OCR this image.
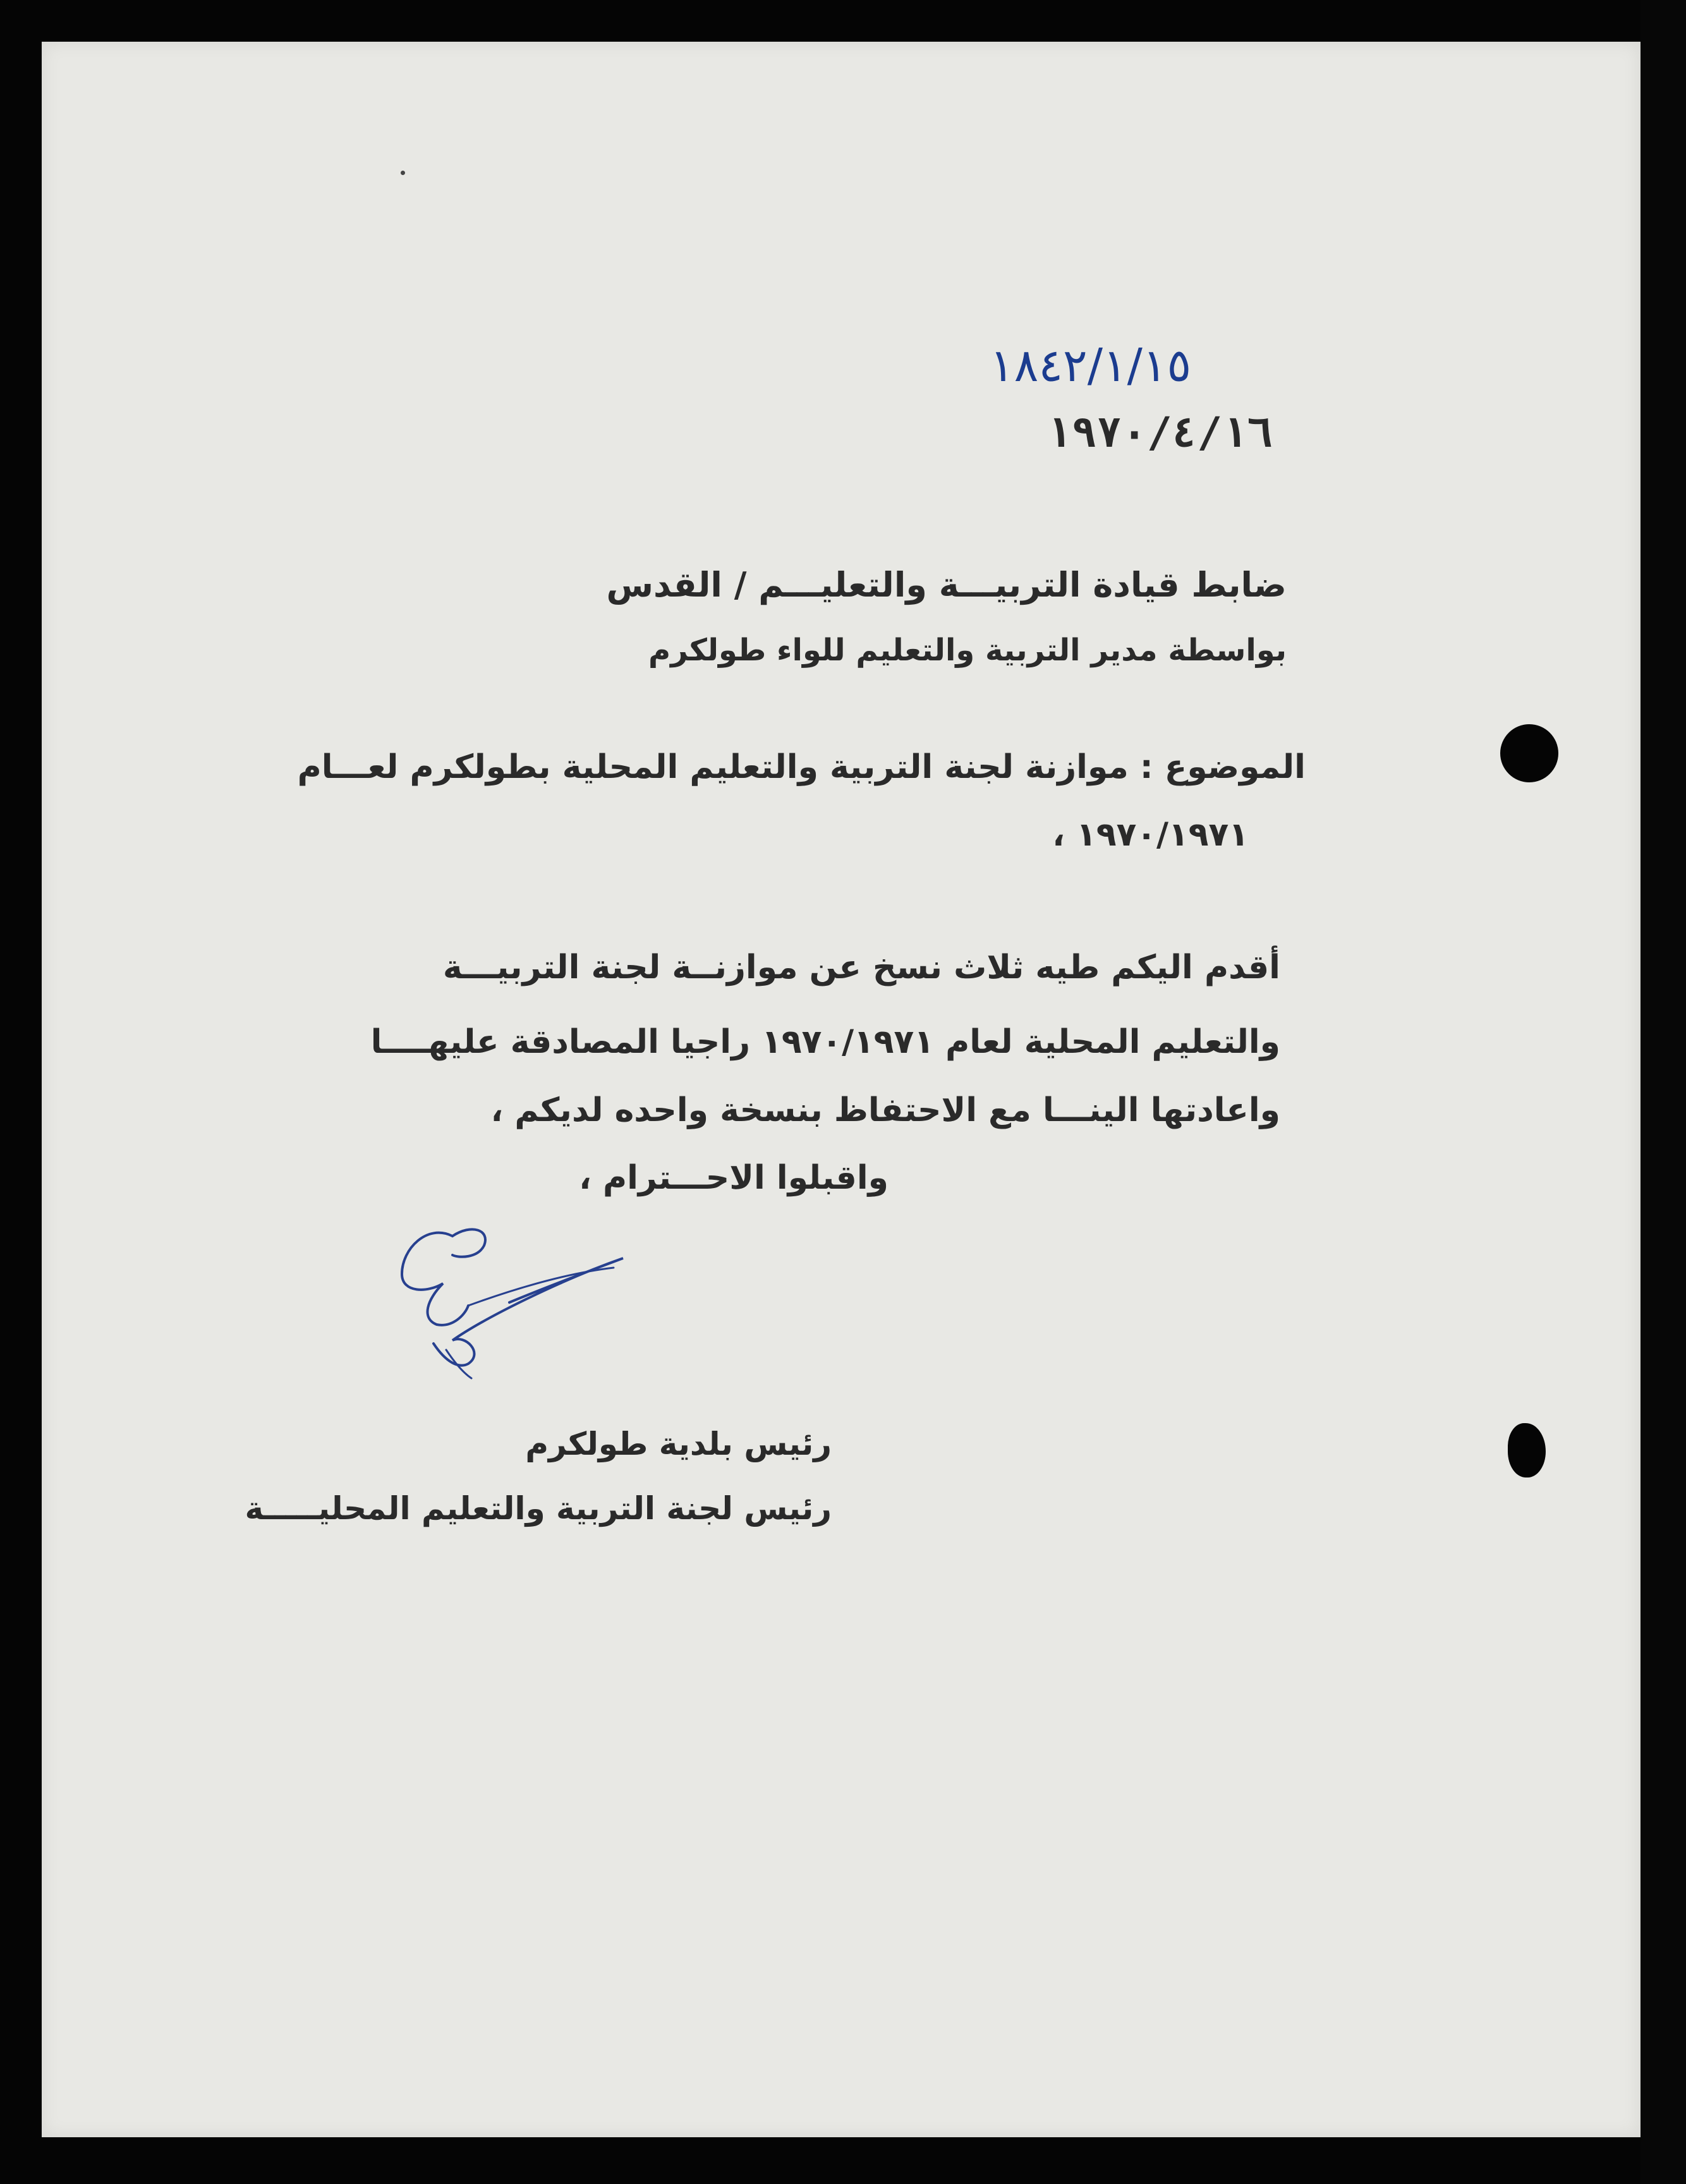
١٨٤٢/١/١٥
١٩٧٠/٤/١٦
ضابط قيادة التربيـــة والتعليـــم / القدس
بواسطة مدير التربية والتعليم للواء طولكرم
الموضوع : موازنة لجنة التربية والتعليم المحلية بطولكرم لعـــام
١٩٧٠/١٩٧١ ،
أقدم اليكم طيه ثلاث نسخ عن موازنــة لجنة التربيـــة
والتعليم المحلية لعام ١٩٧٠/١٩٧١ راجيا المصادقة عليهــــا
واعادتها الينـــا مع الاحتفاظ بنسخة واحده لديكم ،
واقبلوا الاحـــترام ،
رئيس بلدية طولكرم
رئيس لجنة التربية والتعليم المحليـــــة
